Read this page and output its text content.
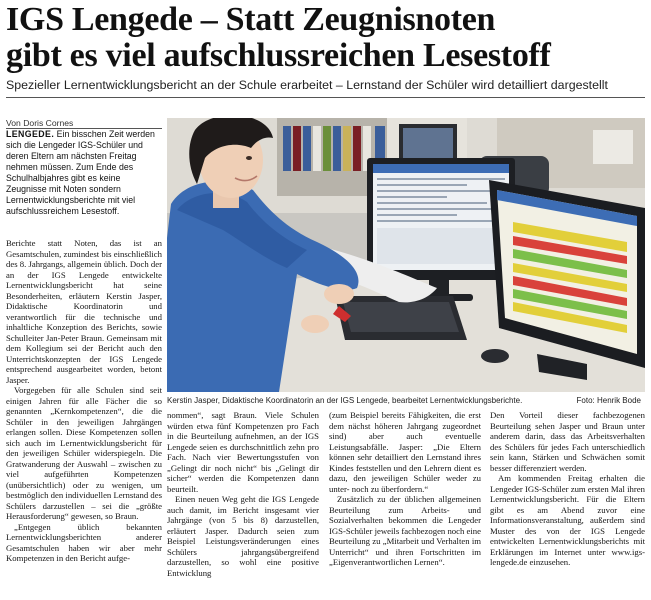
IGS Lengede – Statt Zeugnisnoten
gibt es viel aufschlussreichen Lesestoff
Spezieller Lernentwicklungsbericht an der Schule erarbeitet – Lernstand der Schüler wird detailliert dargestellt
Von Doris Cornes

LENGEDE. Ein bisschen Zeit werden sich die Lengeder IGS-Schüler und deren Eltern am nächsten Freitag nehmen müssen. Zum Ende des Schulhalbjahres gibt es keine Zeugnisse mit Noten sondern Lernentwicklungsberichte mit viel aufschlussreichem Lesestoff.

Berichte statt Noten, das ist an Gesamtschulen, zumindest bis einschließlich des 8. Jahrgangs, allgemein üblich. Doch der an der IGS Lengede entwickelte Lernentwicklungsbericht hat seine Besonderheiten, erläutern Kerstin Jasper, Didaktische Koordinatorin und verantwortlich für die technische und inhaltliche Konzeption des Berichts, sowie Schulleiter Jan-Peter Braun. Gemeinsam mit dem Kollegium sei der Bericht auch den Unterrichtskonzepten der IGS Lengede entsprechend ausgearbeitet worden, betont Jasper.

Vorgegeben für alle Schulen sind seit einigen Jahren für alle Fächer die so genannten „Kernkompetenzen“, die die Schüler in den jeweiligen Jahrgängen erlangen sollen. Diese Kompetenzen sollen sich auch im Lernentwicklungsbericht für den jeweiligen Schüler widerspiegeln. Die Gratwanderung der Auswahl – zwischen zu viel aufgeführten Kompetenzen (unübersichtlich) oder zu wenigen, um bestmöglich den individuellen Lernstand des Schülers darzustellen – sei die „größte Herausforderung“ gewesen, so Braun.

„Entgegen üblich bekannten Lernentwicklungsberichten anderer Gesamtschulen haben wir aber mehr Kompetenzen in den Bericht aufge-

Kerstin Jasper, Didaktische Koordinatorin an der IGS Lengede, bearbeitet Lernentwicklungsberichte.	Foto: Henrik Bode

nommen“, sagt Braun. Viele Schulen würden etwa fünf Kompetenzen pro Fach in die Beurteilung aufnehmen, an der IGS Lengede seien es durchschnittlich zehn pro Fach. Nach vier Bewertungsstufen von „Gelingt dir noch nicht“ bis „Gelingt dir sicher“ werden die Kompetenzen dann beurteilt.

Einen neuen Weg geht die IGS Lengede auch damit, im Bericht insgesamt vier Jahrgänge (von 5 bis 8) darzustellen, erläutert Jasper. Dadurch seien zum Beispiel Leistungsveränderungen eines Schülers jahrgangsübergreifend darzustellen, so wohl eine positive Entwicklung

(zum Beispiel bereits Fähigkeiten, die erst dem nächst höheren Jahrgang zugeordnet sind) aber auch eventuelle Leistungsabfälle. Jasper: „Die Eltern können sehr detailliert den Lernstand ihres Kindes feststellen und den Lehrern dient es dazu, den jeweiligen Schüler weder zu unter- noch zu überfordern.“

Zusätzlich zu der üblichen allgemeinen Beurteilung zum Arbeits- und Sozialverhalten bekommen die Lengeder IGS-Schüler jeweils fachbezogen noch eine Beurteilung zu „Mitarbeit und Verhalten im Unterricht“ und ihren Fortschritten im „Eigenverantwortlichen Lernen“.

Den Vorteil dieser fachbezogenen Beurteilung sehen Jasper und Braun unter anderem darin, dass das Arbeitsverhalten des Schülers für jedes Fach unterschiedlich sein kann, Stärken und Schwächen somit besser differenziert werden.

Am kommenden Freitag erhalten die Lengeder IGS-Schüler zum ersten Mal ihren Lernentwicklungsbericht. Für die Eltern gibt es am Abend zuvor eine Informationsveranstaltung, außerdem sind Muster des von der IGS Lengede entwickelten Lernentwicklungsberichts mit Erklärungen im Internet unter www.igs-lengede.de einzusehen.
